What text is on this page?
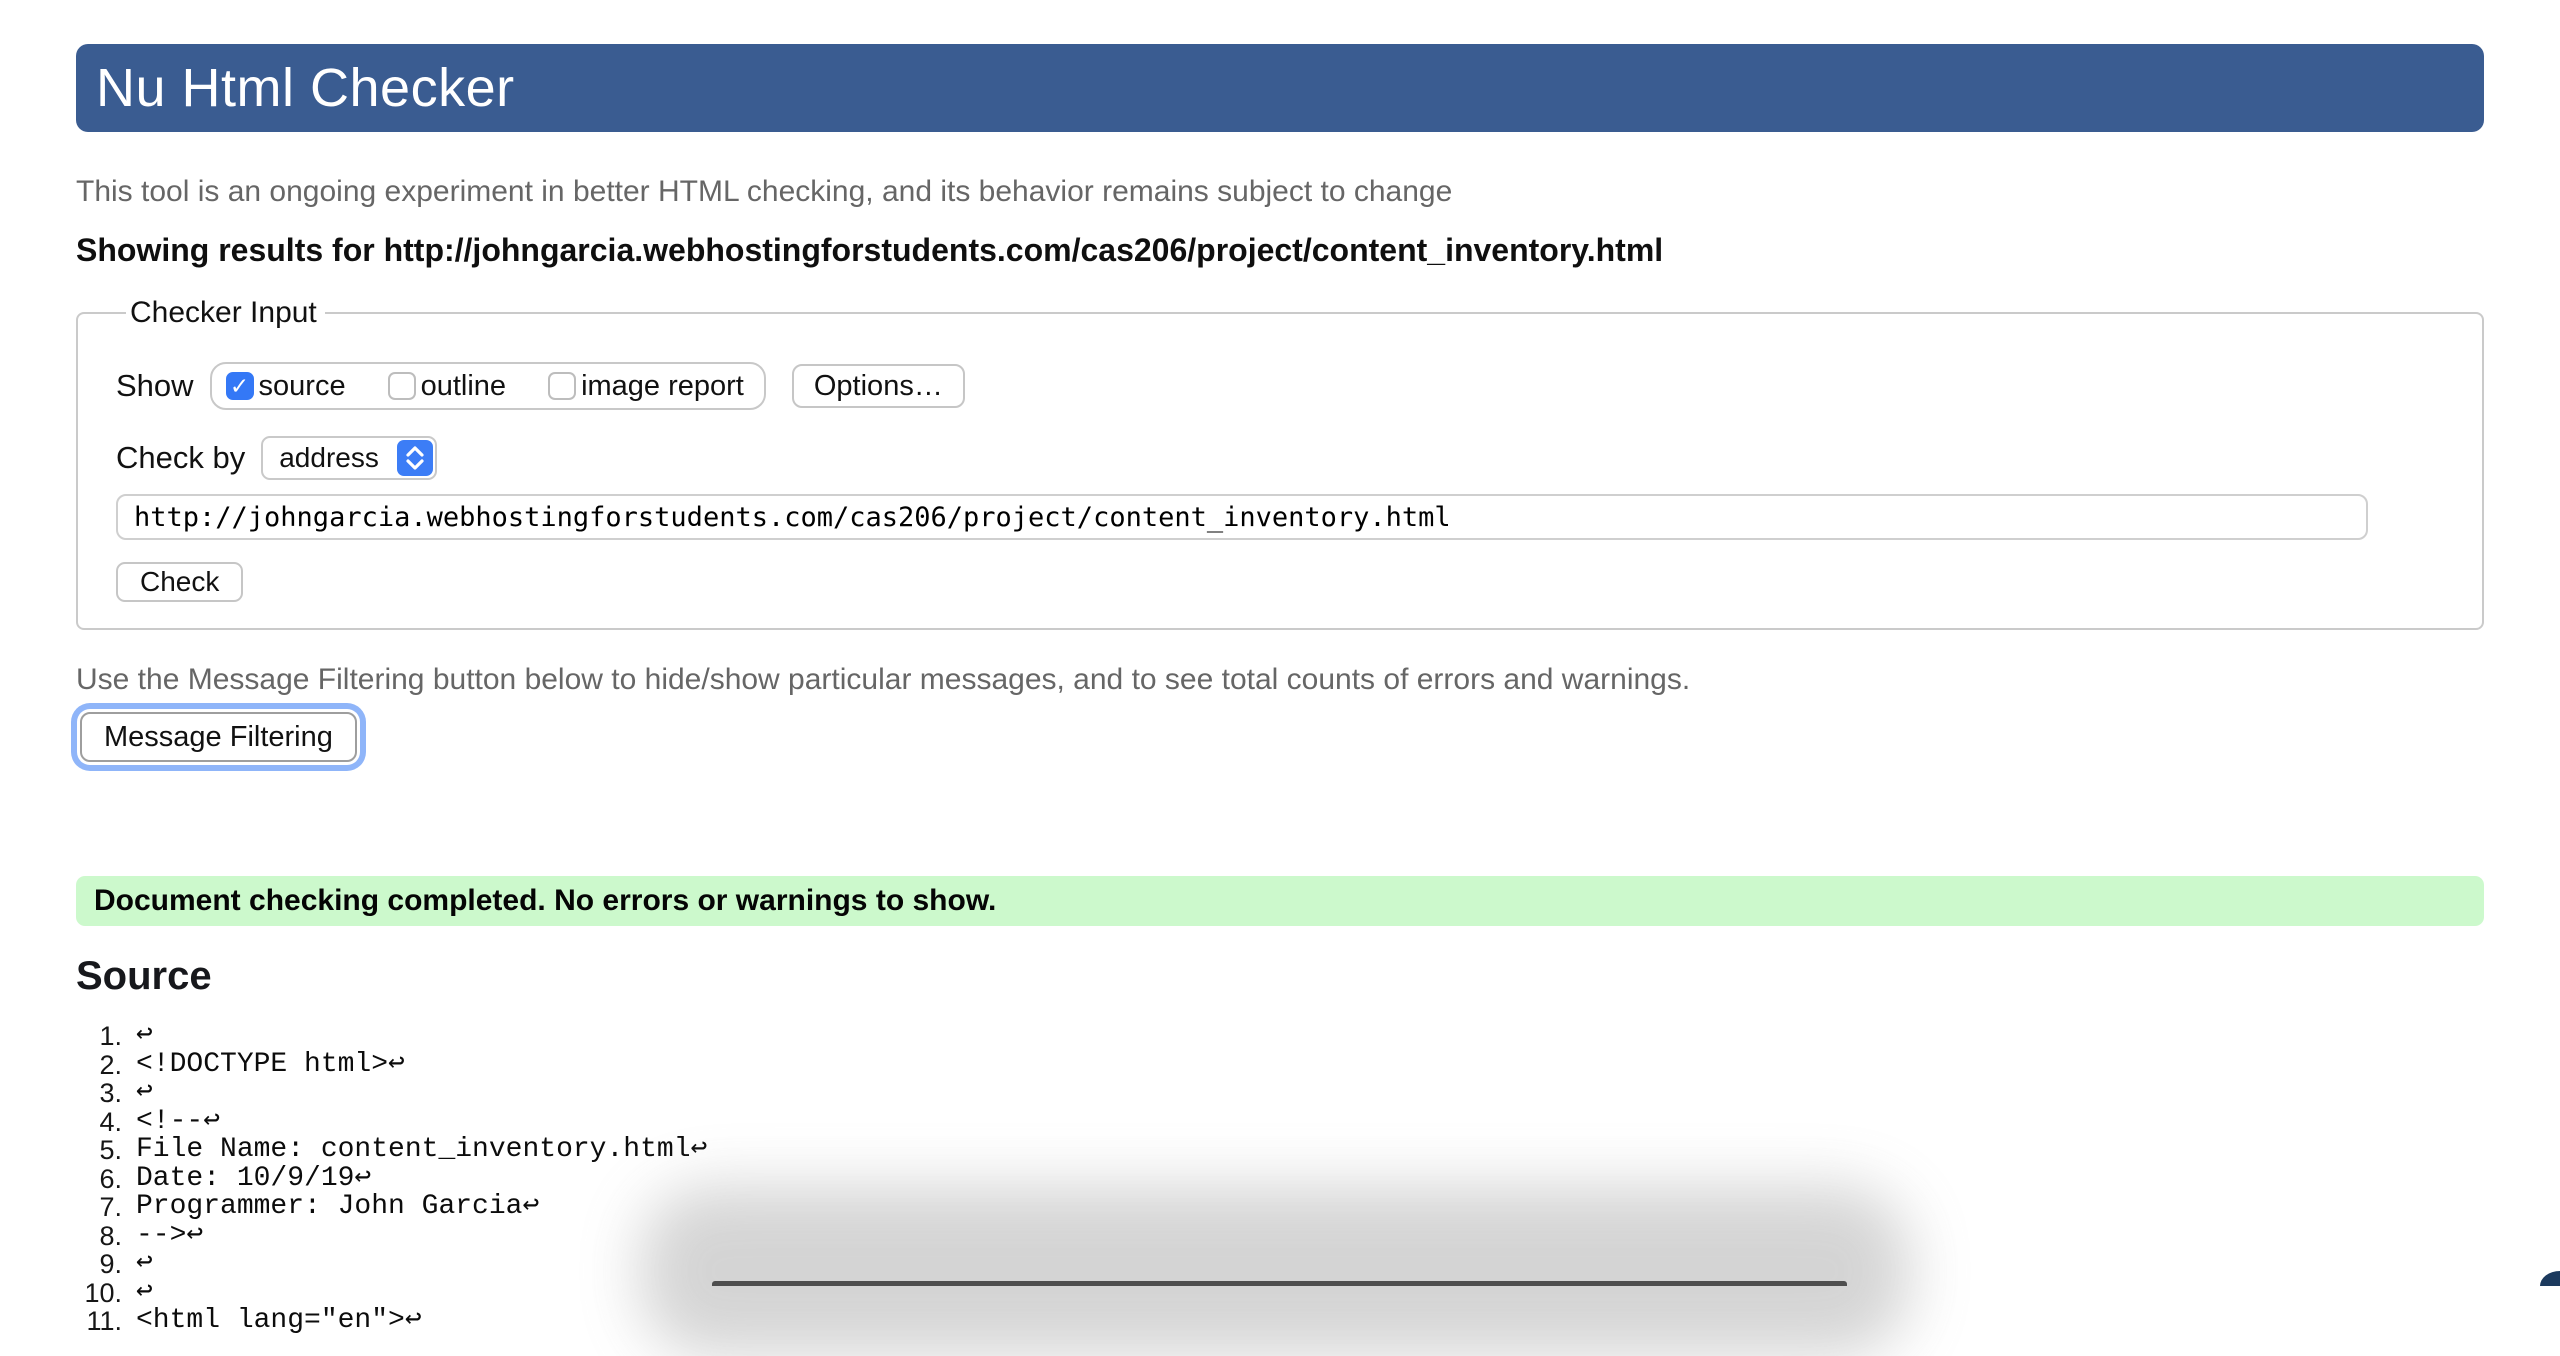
Nu Html Checker

This tool is an ongoing experiment in better HTML checking, and its behavior remains subject to change

Showing results for http://johngarcia.webhostingforstudents.com/cas206/project/content_inventory.html

Checker Input
Show ✓ source	outline	image report	Options…
Check by address
http://johngarcia.webhostingforstudents.com/cas206/project/content_inventory.html
Check

Use the Message Filtering button below to hide/show particular messages, and to see total counts of errors and warnings.

Message Filtering
Document checking completed. No errors or warnings to show.
Source
↩
<!DOCTYPE html>↩
↩
<!--↩
File Name: content_inventory.html↩
Date: 10/9/19↩
Programmer: John Garcia↩
-->↩
↩
↩
<html lang="en">↩
